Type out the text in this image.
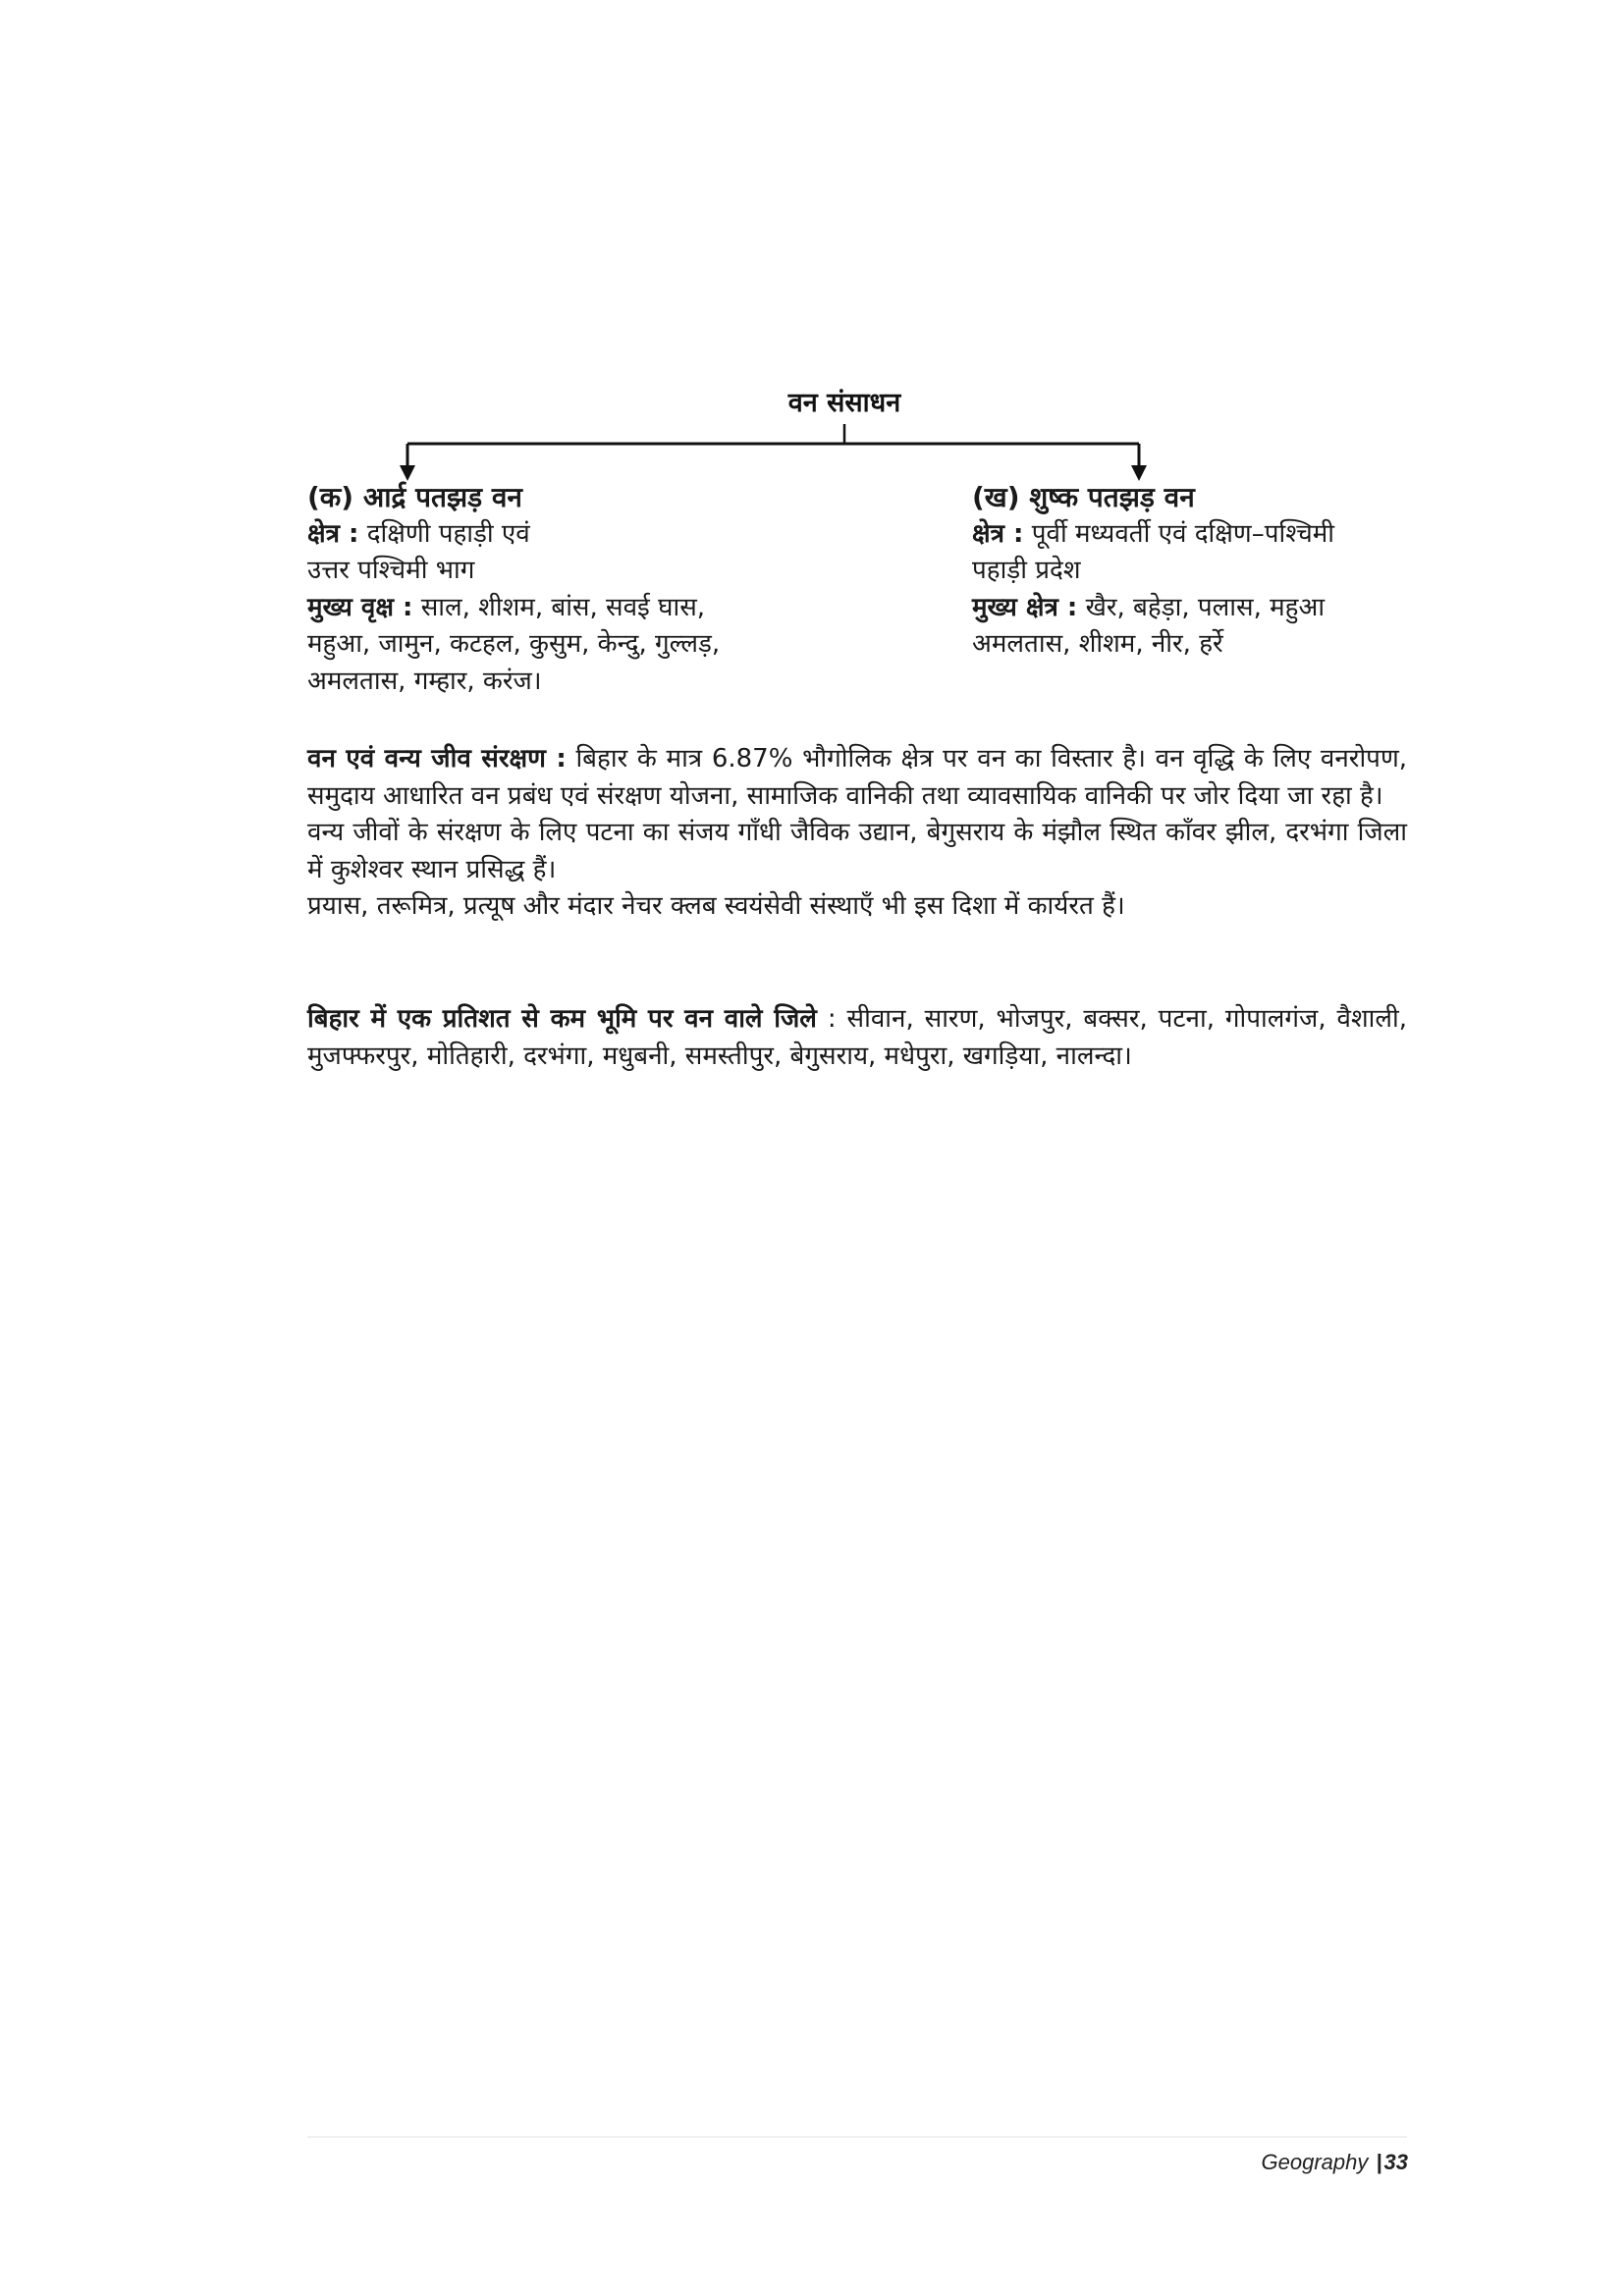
वन संसाधन
(क) आर्द्र पतझड़ वन
क्षेत्र : दक्षिणी पहाड़ी एवं
उत्तर पश्चिमी भाग
मुख्य वृक्ष : साल, शीशम, बांस, सवई घास,
महुआ, जामुन, कटहल, कुसुम, केन्दु, गुल्लड़,
अमलतास, गम्हार, करंज।
(ख) शुष्क पतझड़ वन
क्षेत्र : पूर्वी मध्यवर्ती एवं दक्षिण–पश्चिमी
पहाड़ी प्रदेश
मुख्य क्षेत्र : खैर, बहेड़ा, पलास, महुआ
अमलतास, शीशम, नीर, हर्रे

वन एवं वन्य जीव संरक्षण : बिहार के मात्र 6.87% भौगोलिक क्षेत्र पर वन का विस्तार है। वन वृद्धि के लिए वनरोपण, समुदाय आधारित वन प्रबंध एवं संरक्षण योजना, सामाजिक वानिकी तथा व्यावसायिक वानिकी पर जोर दिया जा रहा है।

वन्य जीवों के संरक्षण के लिए पटना का संजय गाँधी जैविक उद्यान, बेगुसराय के मंझौल स्थित काँवर झील, दरभंगा जिला में कुशेश्वर स्थान प्रसिद्ध हैं।

प्रयास, तरूमित्र, प्रत्यूष और मंदार नेचर क्लब स्वयंसेवी संस्थाएँ भी इस दिशा में कार्यरत हैं।

बिहार में एक प्रतिशत से कम भूमि पर वन वाले जिले : सीवान, सारण, भोजपुर, बक्सर, पटना, गोपालगंज, वैशाली, मुजफ्फरपुर, मोतिहारी, दरभंगा, मधुबनी, समस्तीपुर, बेगुसराय, मधेपुरा, खगड़िया, नालन्दा।

Geography |33
